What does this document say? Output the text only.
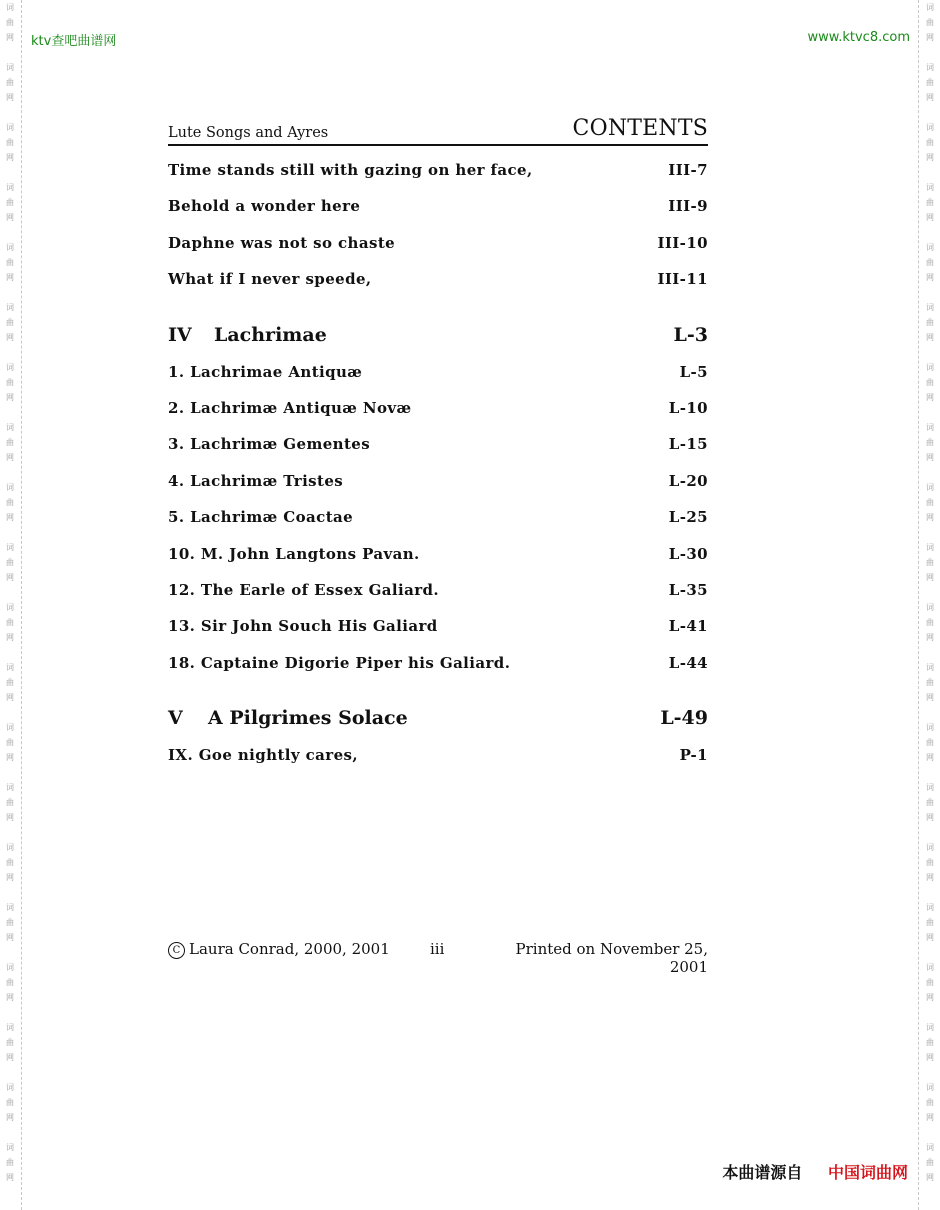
词
曲
网
词
曲
网
词
曲
网
词
曲
网
词
曲
网
词
曲
网
词
曲
网
词
曲
网
词
曲
网
词
曲
网
词
曲
网
词
曲
网
词
曲
网
词
曲
网
词
曲
网
词
曲
网
词
曲
网
词
曲
网
词
曲
网
词
曲
网
词
曲
网
词
曲
网
词
曲
网
词
曲
网
词
曲
网
词
曲
网
词
曲
网
词
曲
网
词
曲
网
词
曲
网
词
曲
网
词
曲
网
词
曲
网
词
曲
网
词
曲
网
词
曲
网
词
曲
网
词
曲
网
词
曲
网
词
曲
网
ktv查吧曲谱网	www.ktvc8.com
Lute Songs and Ayres	CONTENTS
Time stands still with gazing on her face,	III-7
Behold a wonder here	III-9
Daphne was not so chaste	III-10
What if I never speede,	III-11
IV Lachrimae	L-3
1. Lachrimae Antiquæ	L-5
2. Lachrimæ Antiquæ Novæ	L-10
3. Lachrimæ Gementes	L-15
4. Lachrimæ Tristes	L-20
5. Lachrimæ Coactae	L-25
10. M. John Langtons Pavan.	L-30
12. The Earle of Essex Galiard.	L-35
13. Sir John Souch His Galiard	L-41
18. Captaine Digorie Piper his Galiard.	L-44
V A Pilgrimes Solace	L-49
IX. Goe nightly cares,	P-1
C Laura Conrad, 2000, 2001	iii	Printed on November 25, 2001
本曲谱源自 中国词曲网
